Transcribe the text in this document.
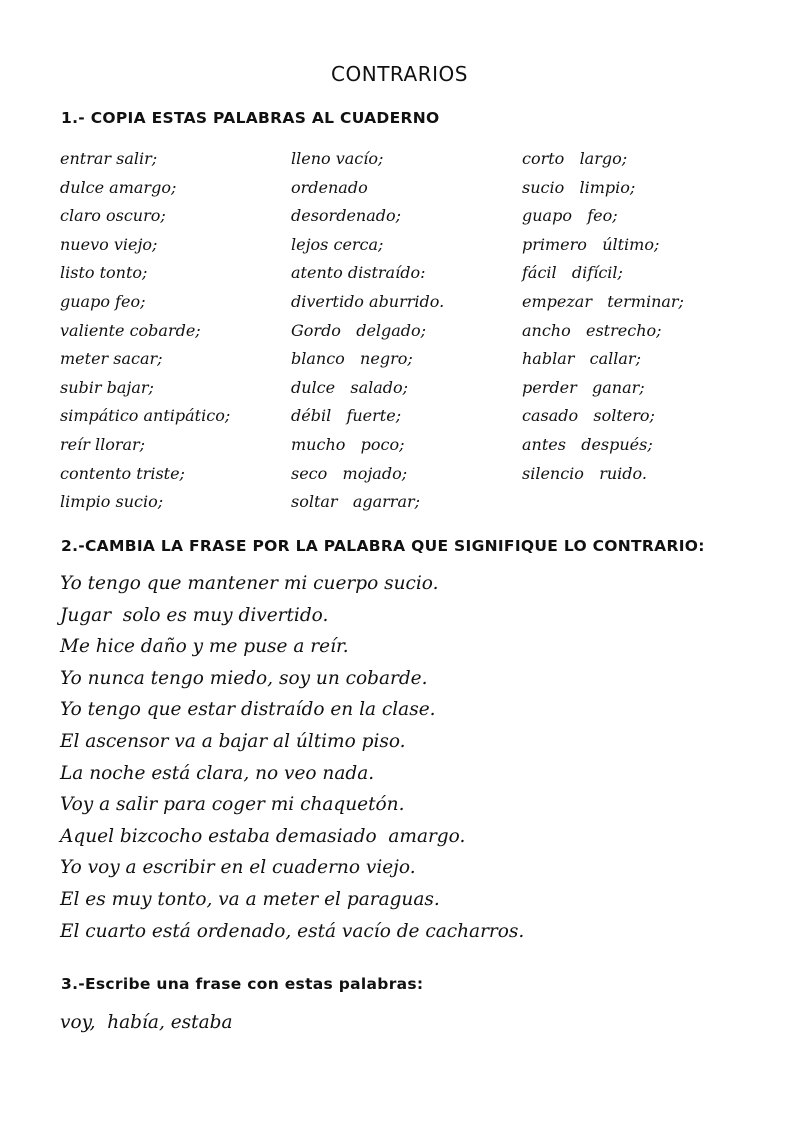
CONTRARIOS
1.- COPIA ESTAS PALABRAS AL CUADERNO
entrar salir;
dulce amargo;
claro oscuro;
nuevo viejo;
listo tonto;
guapo feo;
valiente cobarde;
meter sacar;
subir bajar;
simpático antipático;
reír llorar;
contento triste;
limpio sucio;
lleno vacío;
ordenado
desordenado;
lejos cerca;
atento distraído:
divertido aburrido.
Gordo   delgado;
blanco   negro;
dulce   salado;
débil   fuerte;
mucho   poco;
seco   mojado;
soltar   agarrar;
corto   largo;
sucio   limpio;
guapo   feo;
primero   último;
fácil   difícil;
empezar   terminar;
ancho   estrecho;
hablar   callar;
perder   ganar;
casado   soltero;
antes   después;
silencio   ruido.
2.-CAMBIA LA FRASE POR LA PALABRA QUE SIGNIFIQUE LO CONTRARIO:
Yo tengo que mantener mi cuerpo sucio.
Jugar  solo es muy divertido.
Me hice daño y me puse a reír.
Yo nunca tengo miedo, soy un cobarde.
Yo tengo que estar distraído en la clase.
El ascensor va a bajar al último piso.
La noche está clara, no veo nada.
Voy a salir para coger mi chaquetón.
Aquel bizcocho estaba demasiado  amargo.
Yo voy a escribir en el cuaderno viejo.
El es muy tonto, va a meter el paraguas.
El cuarto está ordenado, está vacío de cacharros.
3.-Escribe una frase con estas palabras:
voy,  había, estaba
